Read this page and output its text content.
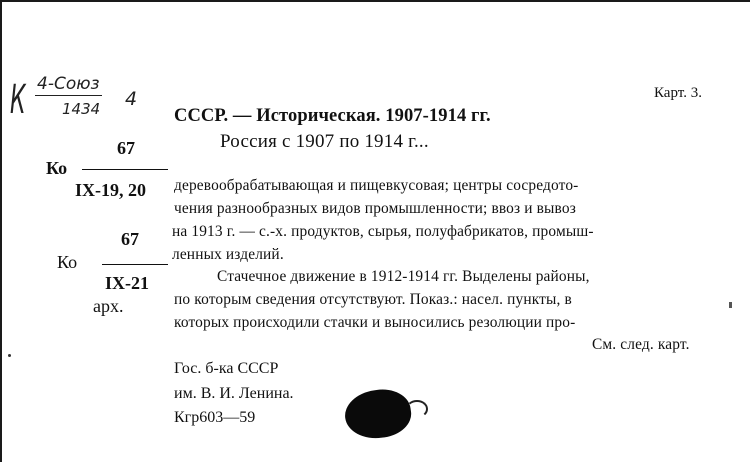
К 4-Союз
1434 4	Карт. 3.
СССР. — Историческая. 1907-1914 гг.
Россия с 1907 по 1914 г...
67
Ко
IX-19, 20
67
Ко
IX-21
арх.
деревообрабатывающая и пищевкусовая; центры сосредото-
чения разнообразных видов промышленности; ввоз и вывоз
на 1913 г. — с.-х. продуктов, сырья, полуфабрикатов, промыш-
ленных изделий.
Стачечное движение в 1912-1914 гг. Выделены районы,
по которым сведения отсутствуют. Показ.: насел. пункты, в
которых происходили стачки и выносились резолюции про-
См. след. карт.
Гос. б-ка СССР
им. В. И. Ленина.
Кгр603—59
